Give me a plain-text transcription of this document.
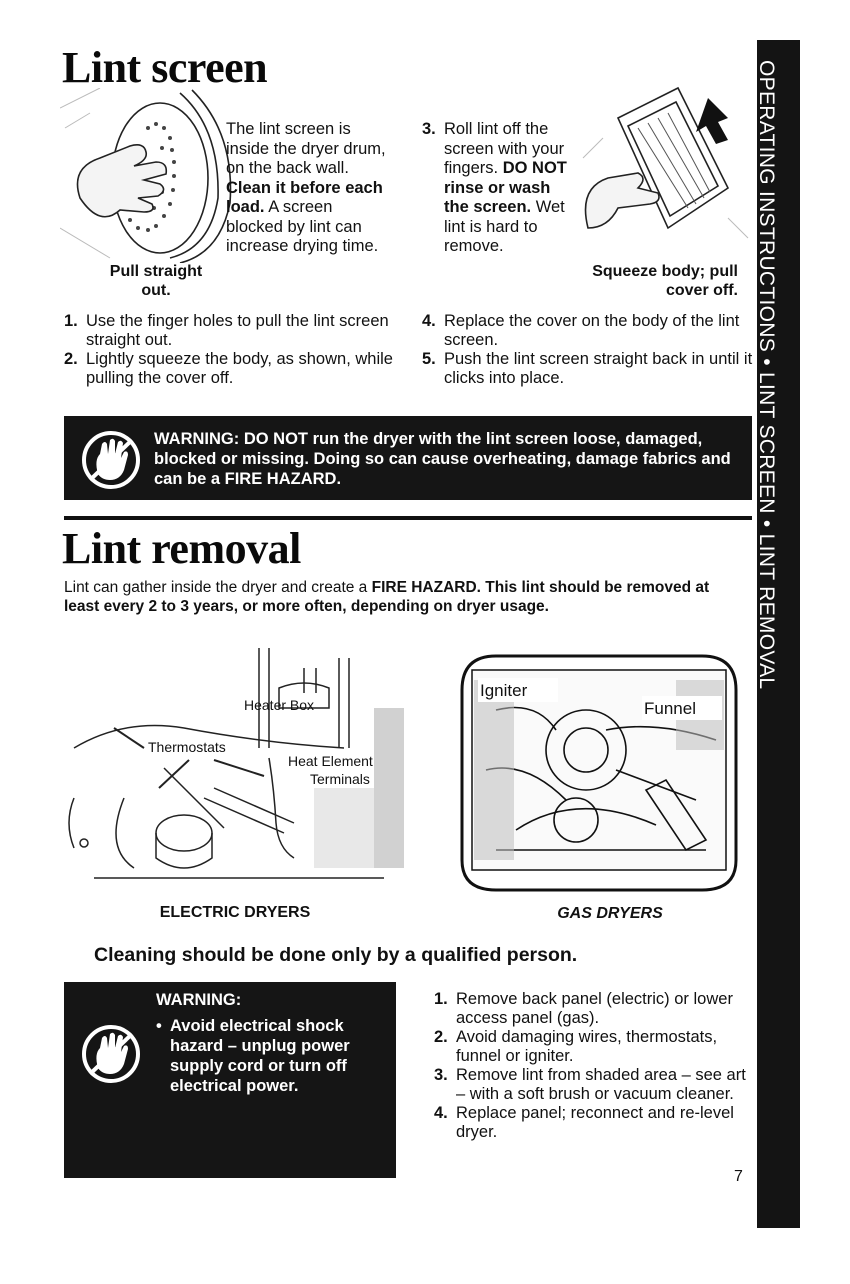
OPERATING INSTRUCTIONS • LINT SCREEN • LINT REMOVAL
Lint screen
Pull straight out.
The lint screen is inside the dryer drum, on the back wall. Clean it before each load. A screen blocked by lint can increase drying time.
3. Roll lint off the screen with your fingers. DO NOT rinse or wash the screen. Wet lint is hard to remove.
Squeeze body; pull cover off.
1. Use the finger holes to pull the lint screen straight out.
2. Lightly squeeze the body, as shown, while pulling the cover off.
4. Replace the cover on the body of the lint screen.
5. Push the lint screen straight back in until it clicks into place.
WARNING: DO NOT run the dryer with the lint screen loose, damaged, blocked or missing. Doing so can cause overheating, damage fabrics and can be a FIRE HAZARD.
Lint removal
Lint can gather inside the dryer and create a FIRE HAZARD. This lint should be removed at least every 2 to 3 years, or more often, depending on dryer usage.
Heater Box
Thermostats
Heat Element
Terminals
Igniter
Funnel
ELECTRIC DRYERS	GAS DRYERS
Cleaning should be done only by a qualified person.
WARNING:
• Avoid electrical shock hazard – unplug power supply cord or turn off electrical power.
• Avoid injury or damage – do not put hands inside cabinet.
• Make sure dryer is cool.
1. Remove back panel (electric) or lower access panel (gas).
2. Avoid damaging wires, thermostats, funnel or igniter.
3. Remove lint from shaded area – see art – with a soft brush or vacuum cleaner.
4. Replace panel; reconnect and re-level dryer.
7
